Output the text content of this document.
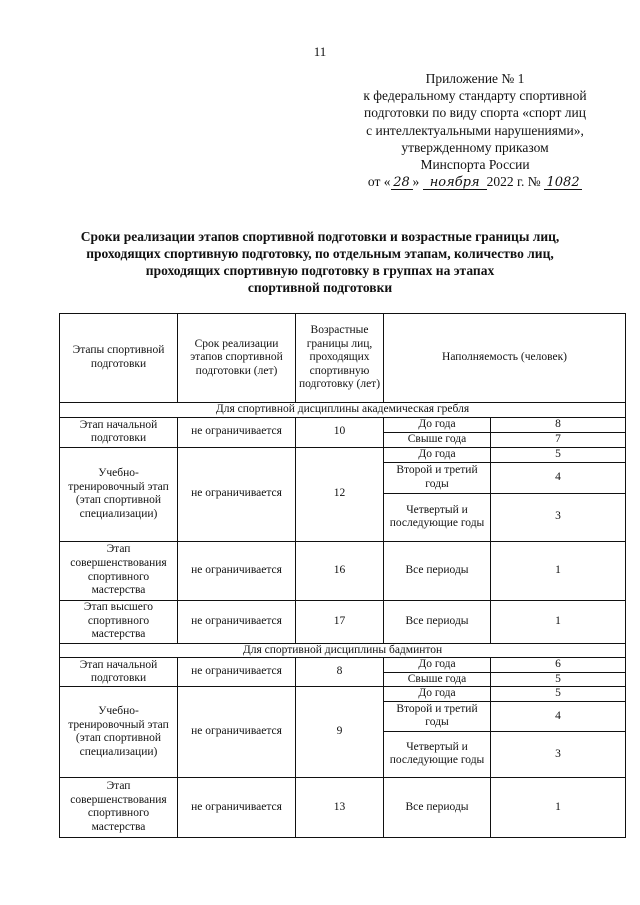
11
Приложение № 1
к федеральному стандарту спортивной
подготовки по виду спорта «спорт лиц
с интеллектуальными нарушениями»,
утвержденному приказом
Минспорта России
от « 28 » ноября 2022 г. № 1082
Сроки реализации этапов спортивной подготовки и возрастные границы лиц,
проходящих спортивную подготовку, по отдельным этапам, количество лиц,
проходящих спортивную подготовку в группах на этапах
спортивной подготовки
Этапы спортивной подготовки	Срок реализации этапов спортивной подготовки (лет)	Возрастные границы лиц, проходящих спортивную подготовку (лет)	Наполняемость (человек)	
Для спортивной дисциплины академическая гребля				
Этап начальной подготовки	не ограничивается	10	До года	8
			Свыше года	7
Учебно-тренировочный этап (этап спортивной специализации)	не ограничивается	12	До года	5
			Второй и третий годы	4
			Четвертый и последующие годы	3
Этап совершенствования спортивного мастерства	не ограничивается	16	Все периоды	1
Этап высшего спортивного мастерства	не ограничивается	17	Все периоды	1
Для спортивной дисциплины бадминтон				
Этап начальной подготовки	не ограничивается	8	До года	6
			Свыше года	5
Учебно-тренировочный этап (этап спортивной специализации)	не ограничивается	9	До года	5
			Второй и третий годы	4
			Четвертый и последующие годы	3
Этап совершенствования спортивного мастерства	не ограничивается	13	Все периоды	1
